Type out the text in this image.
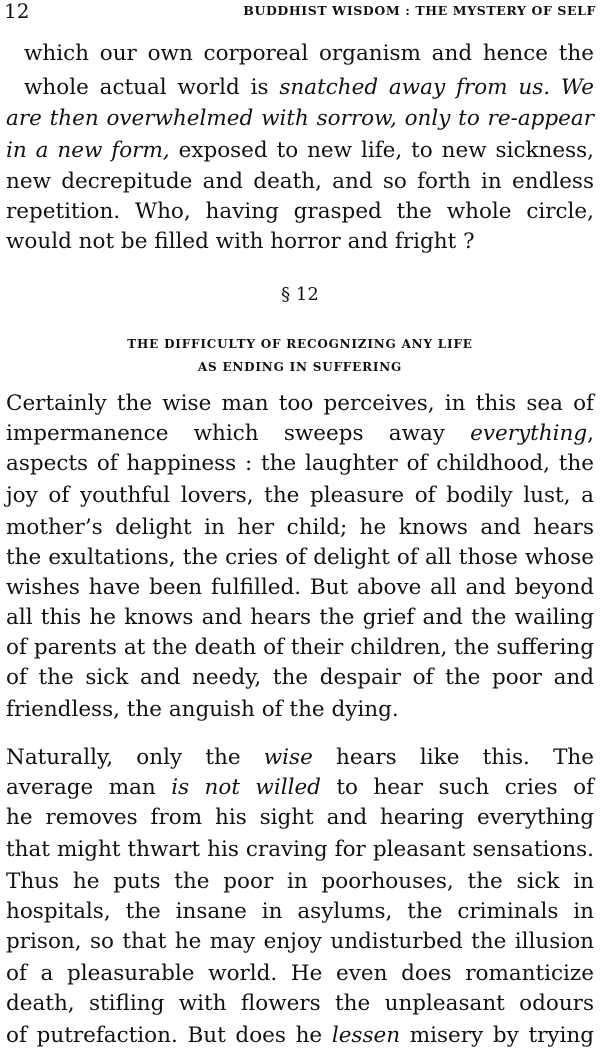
12	BUDDHIST WISDOM : THE MYSTERY OF SELF
which our own corporeal organism and hence the
whole actual world is snatched away from us. We
are then overwhelmed with sorrow, only to re-appear
in a new form, exposed to new life, to new sickness,
new decrepitude and death, and so forth in endless
repetition. Who, having grasped the whole circle,
would not be filled with horror and fright ?
Certainly the wise man too perceives, in this sea of
impermanence which sweeps away everything,
aspects of happiness : the laughter of childhood, the
joy of youthful lovers, the pleasure of bodily lust, a
mother’s delight in her child; he knows and hears
the exultations, the cries of delight of all those whose
wishes have been fulfilled. But above all and beyond
all this he knows and hears the grief and the wailing
of parents at the death of their children, the suffering
of the sick and needy, the despair of the poor and
friendless, the anguish of the dying.
Naturally, only the wise hears like this. The
average man is not willed to hear such cries of
he removes from his sight and hearing everything
that might thwart his craving for pleasant sensations.
Thus he puts the poor in poorhouses, the sick in
hospitals, the insane in asylums, the criminals in
prison, so that he may enjoy undisturbed the illusion
of a pleasurable world. He even does romanticize
death, stifling with flowers the unpleasant odours
of putrefaction. But does he lessen misery by trying
§ 12
THE DIFFICULTY OF RECOGNIZING ANY LIFE
AS ENDING IN SUFFERING
